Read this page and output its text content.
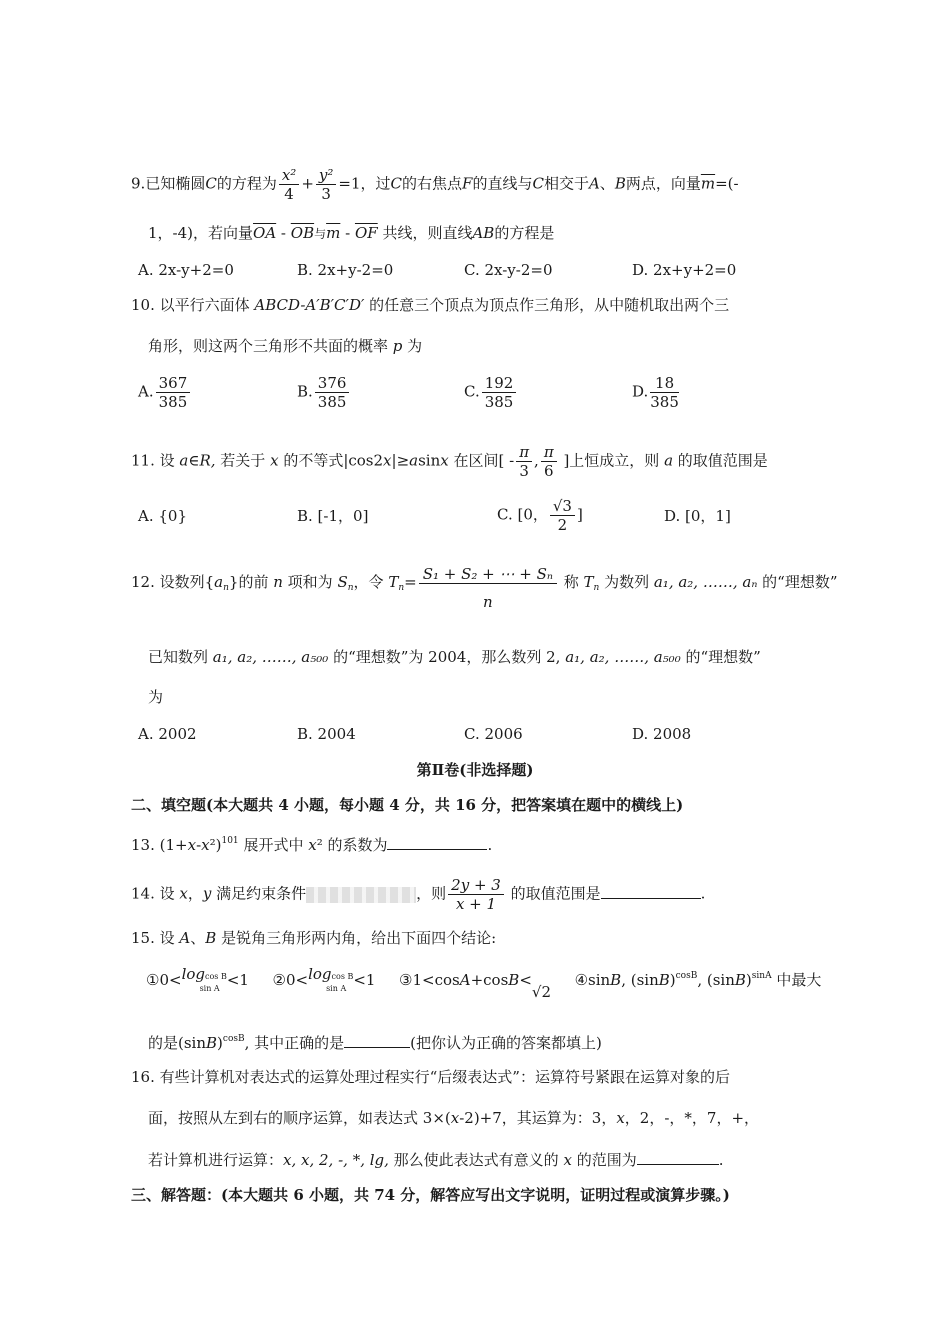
9.已知椭圆C的方程为 $\frac{\text{x²}}{4} + \frac{\text{y²}}{3} =1$，过C的右焦点F的直线与C相交于A、B两点，向量$\overline{m}=(-$
1，-4)，若向量$\overline{OA} - \overline{OB}$与$\overline{m} - \overline{OF}$ 共线，则直线AB的方程是
A. 2x-y+2=0	B. 2x+y-2=0	C. 2x-y-2=0	D. 2x+y+2=0
10. 以平行六面体 ABCD-A′B′C′D′ 的任意三个顶点为顶点作三角形，从中随机取出两个三
角形，则这两个三角形不共面的概率 p 为
A. $\frac{367}{385}$	B. $\frac{376}{385}$	C. $\frac{192}{385}$	D. $\frac{18}{385}$
11. 设 a∈R, 若关于 x 的不等式|cos2x|≥asinx 在区间[ - $\frac{\pi}{3}$ , $\frac{\pi}{6}$ ]上恒成立，则 a 的取值范围是
A. {0}	B. [-1，0]	C. [0， $\frac{√3}{2}$ ]	D. [0，1]
12. 设数列$\{a_n\}$的前 n 项和为 $S_n$，令 $T_n= \frac{\text{S₁ + S₂ + ⋯ + Sₙ}}{n}$ 称 $T_n$ 为数列 a₁, a₂, ……, aₙ 的“理想数”
已知数列 a₁, a₂, ……, a₅₀₀ 的“理想数”为 2004，那么数列 2, a₁, a₂, ……, a₅₀₀ 的“理想数”
为
A. 2002	B. 2004	C. 2006	D. 2008
第Ⅱ卷(非选择题)
二、填空题(本大题共 4 小题，每小题 4 分，共 16 分，把答案填在题中的横线上)
13. $(1+x-x^2)^{101}$ 展开式中 x² 的系数为	.
14. 设 x，y 满足约束条件	，则 $\frac{2y + 3}{x + 1}$ 的取值范围是	.
15. 设 A、B 是锐角三角形两内角，给出下面四个结论:
①0<logcos B
sin A <1 ②0<logcos B
sin A <1 ③1<cosA+cosB<√2  ④sinB, $(\sin B)^{cosB}$, $(\sin B)^{sinA}$ 中最大
的是$(\sin B)^{cosB}$, 其中正确的是	(把你认为正确的答案都填上)
16. 有些计算机对表达式的运算处理过程实行“后缀表达式”：运算符号紧跟在运算对象的后
面，按照从左到右的顺序运算，如表达式 3×(x-2)+7，其运算为：3，x，2，-，*，7，+，
若计算机进行运算：x, x, 2, -, *, lg, 那么使此表达式有意义的 x 的范围为	.
三、解答题：(本大题共 6 小题，共 74 分，解答应写出文字说明，证明过程或演算步骤。)
